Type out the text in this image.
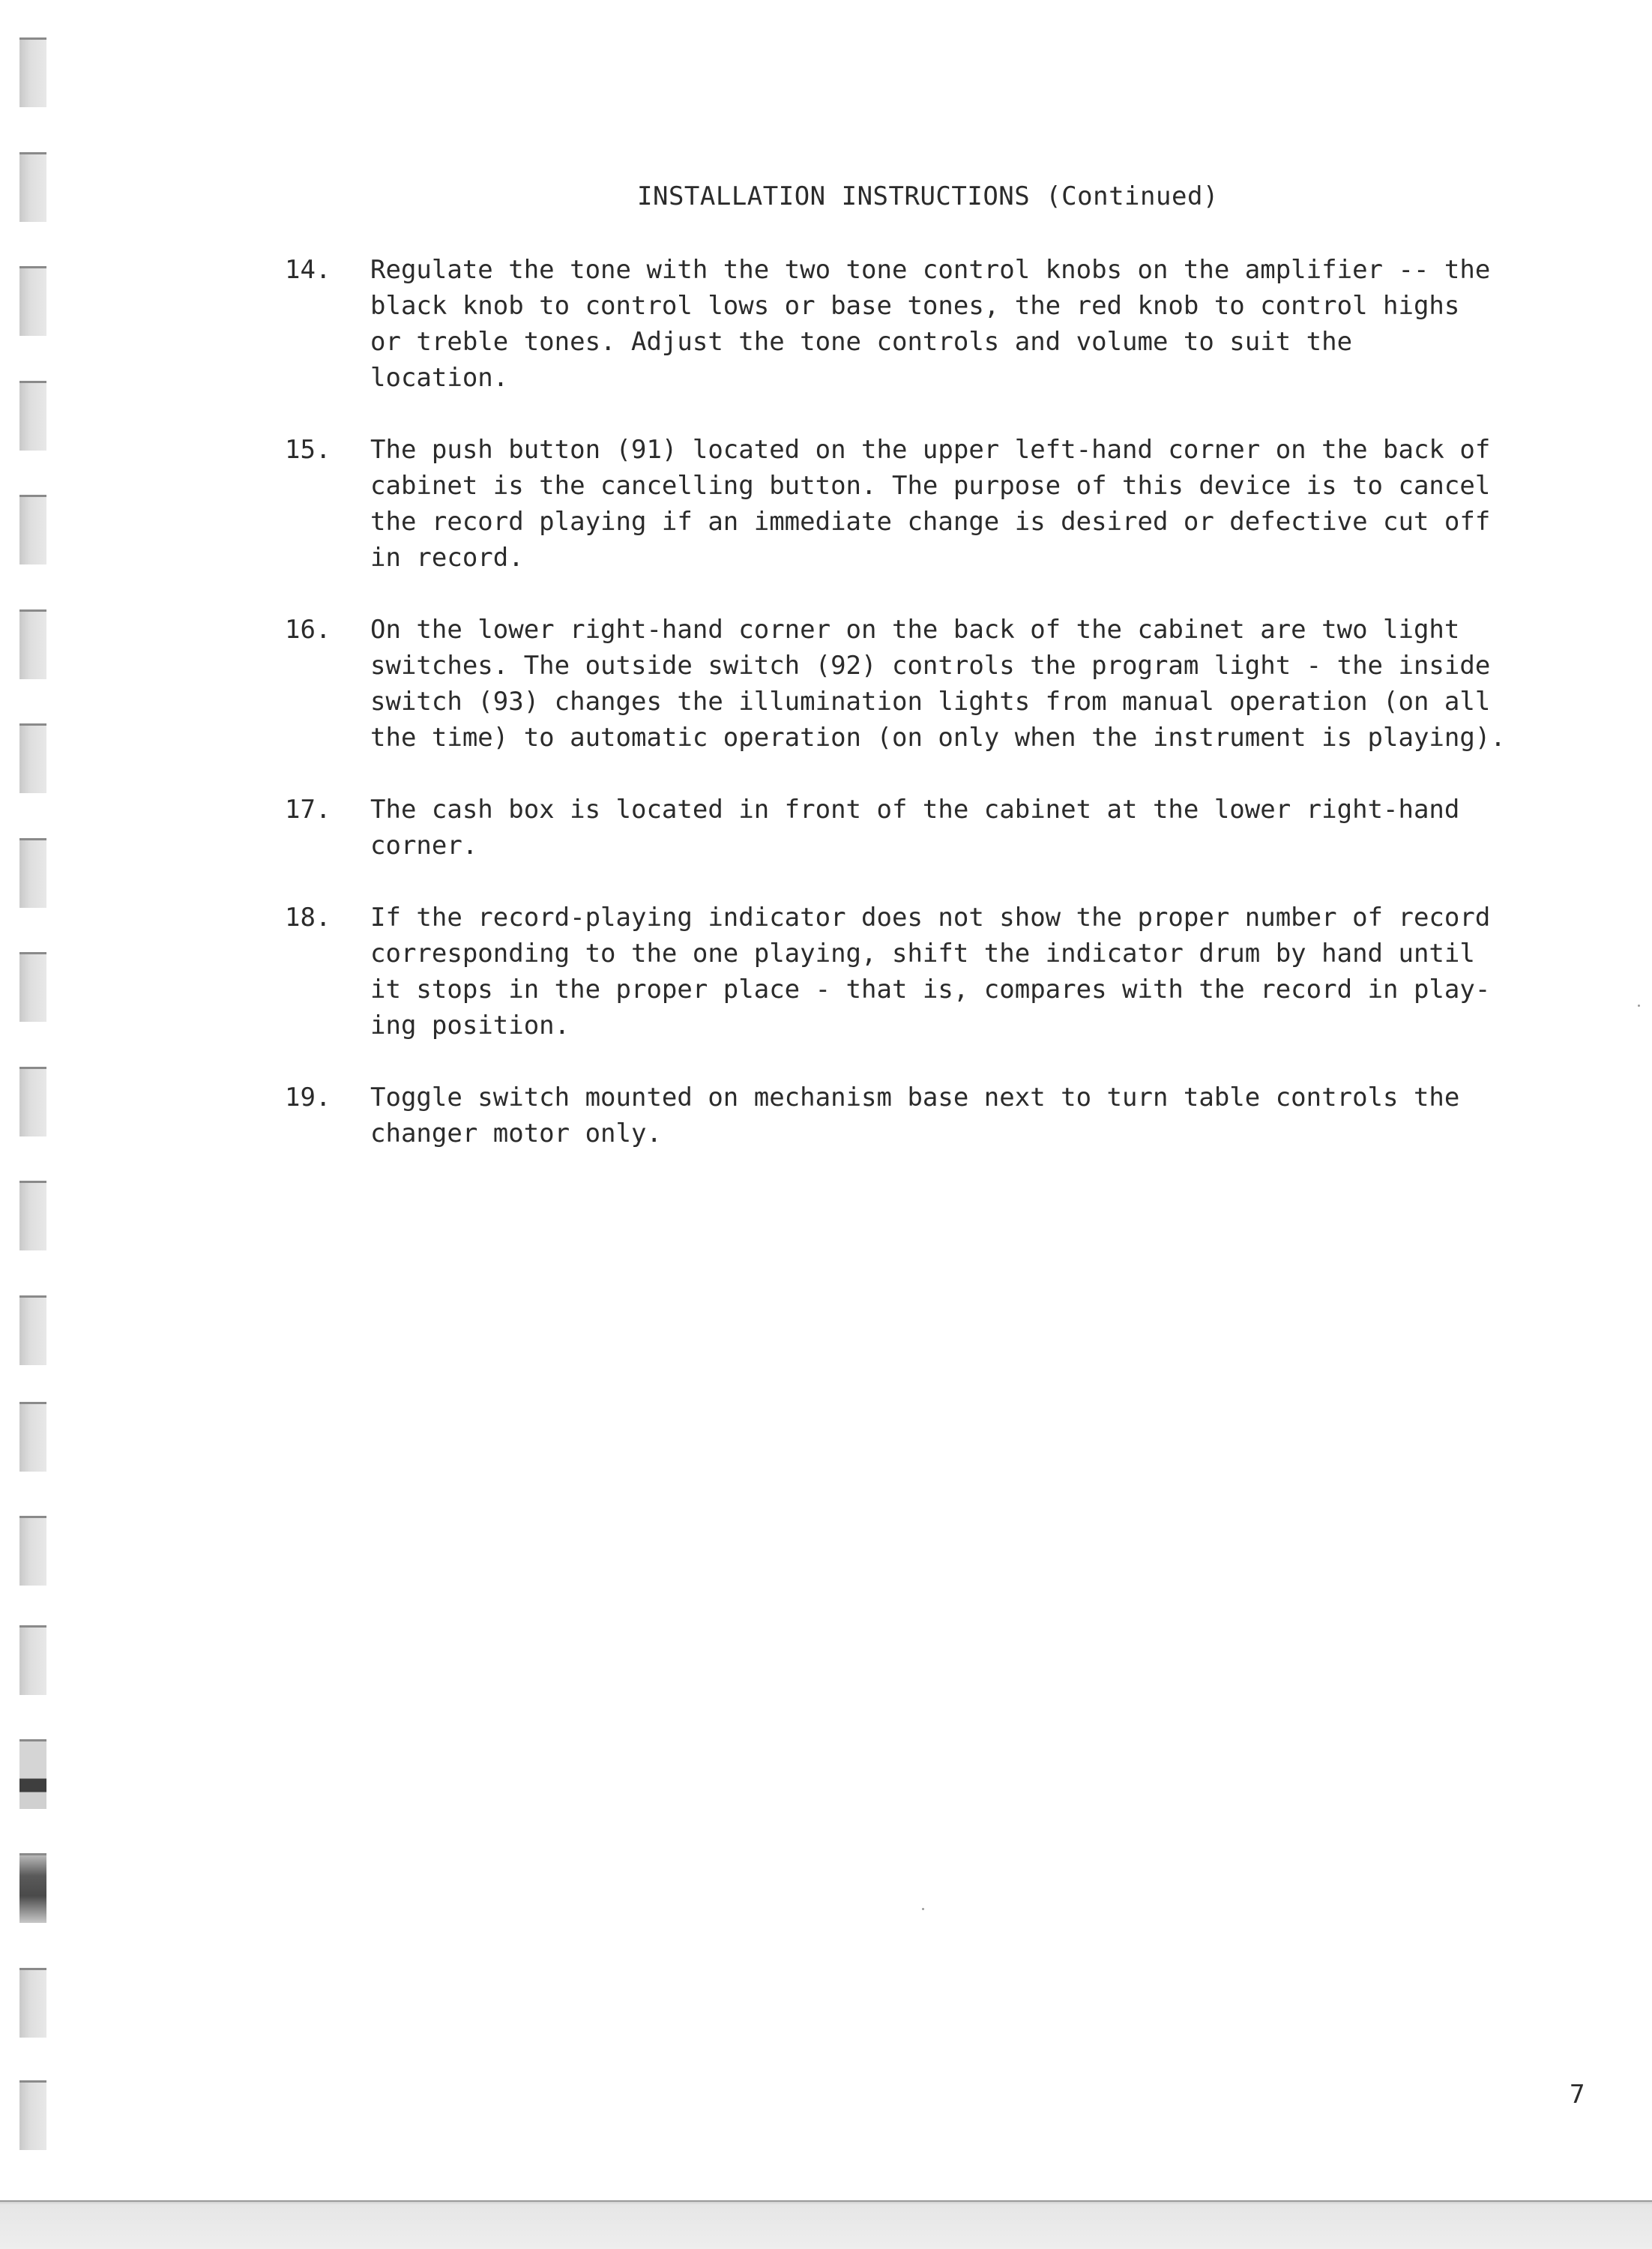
INSTALLATION INSTRUCTIONS (Continued)
14.	Regulate the tone with the two tone control knobs on the amplifier -- the
black knob to control lows or base tones, the red knob to control highs
or treble tones. Adjust the tone controls and volume to suit the
location.
15.	The push button (91) located on the upper left-hand corner on the back of
cabinet is the cancelling button. The purpose of this device is to cancel
the record playing if an immediate change is desired or defective cut off
in record.
16.	On the lower right-hand corner on the back of the cabinet are two light
switches. The outside switch (92) controls the program light - the inside
switch (93) changes the illumination lights from manual operation (on all
the time) to automatic operation (on only when the instrument is playing).
17.	The cash box is located in front of the cabinet at the lower right-hand
corner.
18.	If the record-playing indicator does not show the proper number of record
corresponding to the one playing, shift the indicator drum by hand until
it stops in the proper place - that is, compares with the record in play-
ing position.
19.	Toggle switch mounted on mechanism base next to turn table controls the
changer motor only.
7
